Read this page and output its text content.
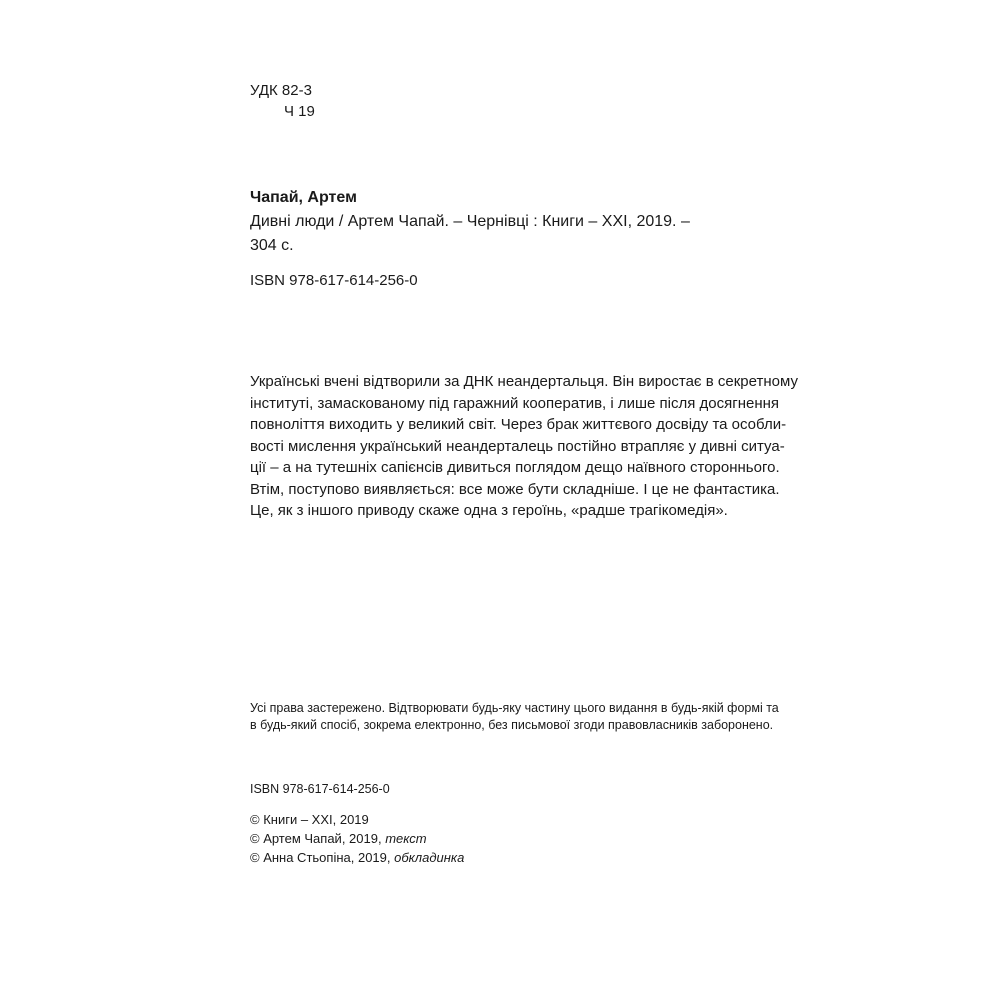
УДК 82-3
Ч 19
Чапай, Артем
Дивні люди / Артем Чапай. – Чернівці : Книги – XXI, 2019. –
304 с.
ISBN 978-617-614-256-0

Українські вчені відтворили за ДНК неандертальця. Він виростає в секретному

інституті, замаскованому під гаражний кооператив, і лише після досягнення

повноліття виходить у великий світ. Через брак життєвого досвіду та особли-

вості мислення український неандерталець постійно втрапляє у дивні ситуа-

ції – а на тутешніх сапієнсів дивиться поглядом дещо наївного стороннього.

Втім, поступово виявляється: все може бути складніше. І це не фантастика.

Це, як з іншого приводу скаже одна з героїнь, «радше трагікомедія».

Усі права застережено. Відтворювати будь-яку частину цього видання в будь-якій формі та

в будь-який спосіб, зокрема електронно, без письмової згоди правовласників заборонено.

ISBN 978-617-614-256-0

© Книги – XXI, 2019

© Артем Чапай, 2019, текст

© Анна Стьопіна, 2019, обкладинка
